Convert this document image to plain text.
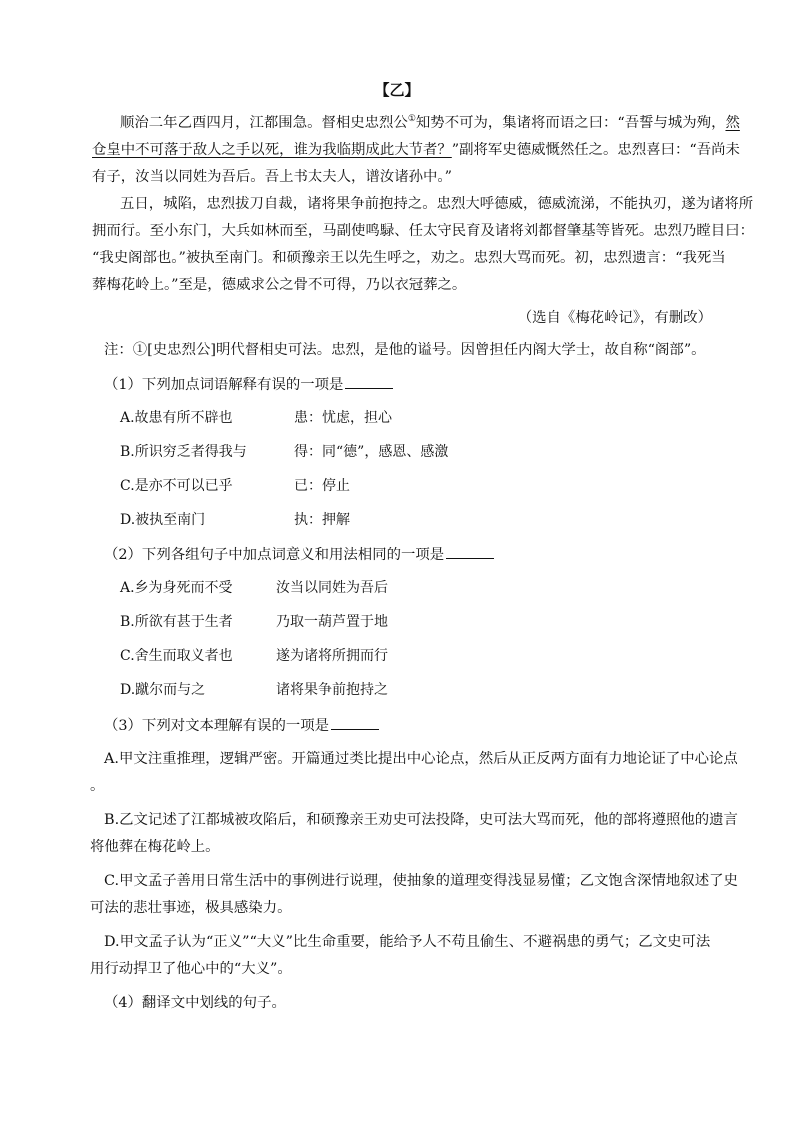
【乙】
顺治二年乙酉四月，江都围急。督相史忠烈公①知势不可为，集诸将而语之曰：“吾誓与城为殉，然
仓皇中不可落于敌人之手以死，谁为我临期成此大节者？”副将军史德威慨然任之。忠烈喜曰：“吾尚未
有子，汝当以同姓为吾后。吾上书太夫人，谱汝诸孙中。”
五日，城陷，忠烈拔刀自裁，诸将果争前抱持之。忠烈大呼德威，德威流涕，不能执刃，遂为诸将所
拥而行。至小东门，大兵如林而至，马副使鸣騄、任太守民育及诸将刘都督肇基等皆死。忠烈乃瞠目曰：
“我史阁部也。”被执至南门。和硕豫亲王以先生呼之，劝之。忠烈大骂而死。初，忠烈遗言：“我死当
葬梅花岭上。”至是，德威求公之骨不可得，乃以衣冠葬之。
（选自《梅花岭记》，有删改）
注：①[史忠烈公]明代督相史可法。忠烈，是他的谥号。因曾担任内阁大学士，故自称“阁部”。
（1）下列加点词语解释有误的一项是
A.故患有所不辟也	患：忧虑，担心
B.所识穷乏者得我与	得：同“德”，感恩、感激
C.是亦不可以已乎	已：停止
D.被执至南门	执：押解
（2）下列各组句子中加点词意义和用法相同的一项是
A.乡为身死而不受	汝当以同姓为吾后
B.所欲有甚于生者	乃取一葫芦置于地
C.舍生而取义者也	遂为诸将所拥而行
D.蹴尔而与之	诸将果争前抱持之
（3）下列对文本理解有误的一项是
A.甲文注重推理，逻辑严密。开篇通过类比提出中心论点，然后从正反两方面有力地论证了中心论点
。
B.乙文记述了江都城被攻陷后，和硕豫亲王劝史可法投降，史可法大骂而死，他的部将遵照他的遗言
将他葬在梅花岭上。
C.甲文孟子善用日常生活中的事例进行说理，使抽象的道理变得浅显易懂；乙文饱含深情地叙述了史
可法的悲壮事迹，极具感染力。
D.甲文孟子认为“正义”“大义”比生命重要，能给予人不苟且偷生、不避祸患的勇气；乙文史可法
用行动捍卫了他心中的“大义”。
（4）翻译文中划线的句子。
